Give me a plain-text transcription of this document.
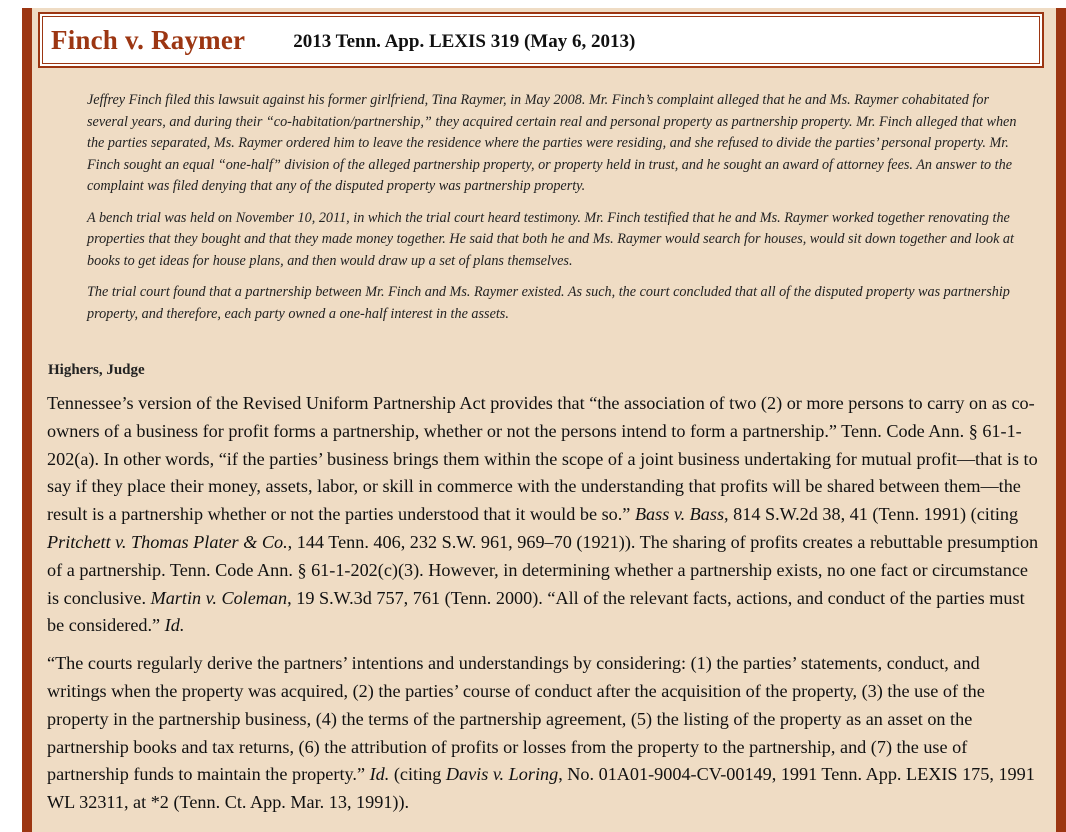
Finch v. Raymer	2013 Tenn. App. LEXIS 319 (May 6, 2013)

Jeffrey Finch filed this lawsuit against his former girlfriend, Tina Raymer, in May 2008. Mr. Finch’s complaint alleged that he and Ms. Raymer cohabitated for several years, and during their “co-habitation/partnership,” they acquired certain real and personal property as partnership property. Mr. Finch alleged that when the parties separated, Ms. Raymer ordered him to leave the residence where the parties were residing, and she refused to divide the parties’ personal property. Mr. Finch sought an equal “one-half” division of the alleged partnership property, or property held in trust, and he sought an award of attorney fees. An answer to the complaint was filed denying that any of the disputed property was partnership property.

A bench trial was held on November 10, 2011, in which the trial court heard testimony. Mr. Finch testified that he and Ms. Raymer worked together renovating the properties that they bought and that they made money together. He said that both he and Ms. Raymer would search for houses, would sit down together and look at books to get ideas for house plans, and then would draw up a set of plans themselves.

The trial court found that a partnership between Mr. Finch and Ms. Raymer existed. As such, the court concluded that all of the disputed property was partnership property, and therefore, each party owned a one-half interest in the assets.

Highers, Judge

Tennessee’s version of the Revised Uniform Partnership Act provides that “the association of two (2) or more persons to carry on as co-owners of a business for profit forms a partnership, whether or not the persons intend to form a partnership.” Tenn. Code Ann. § 61-1-202(a). In other words, “if the parties’ business brings them within the scope of a joint business undertaking for mutual profit—that is to say if they place their money, assets, labor, or skill in commerce with the understanding that profits will be shared between them—the result is a partnership whether or not the parties understood that it would be so.” Bass v. Bass, 814 S.W.2d 38, 41 (Tenn. 1991) (citing Pritchett v. Thomas Plater & Co., 144 Tenn. 406, 232 S.W. 961, 969–70 (1921)). The sharing of profits creates a rebuttable presumption of a partnership. Tenn. Code Ann. § 61-1-202(c)(3). However, in determining whether a partnership exists, no one fact or circumstance is conclusive. Martin v. Coleman, 19 S.W.3d 757, 761 (Tenn. 2000). “All of the relevant facts, actions, and conduct of the parties must be considered.” Id.

“The courts regularly derive the partners’ intentions and understandings by considering: (1) the parties’ statements, conduct, and writings when the property was acquired, (2) the parties’ course of conduct after the acquisition of the property, (3) the use of the property in the partnership business, (4) the terms of the partnership agreement, (5) the listing of the property as an asset on the partnership books and tax returns, (6) the attribution of profits or losses from the property to the partnership, and (7) the use of partnership funds to maintain the property.” Id. (citing Davis v. Loring, No. 01A01-9004-CV-00149, 1991 Tenn. App. LEXIS 175, 1991 WL 32311, at *2 (Tenn. Ct. App. Mar. 13, 1991)).
